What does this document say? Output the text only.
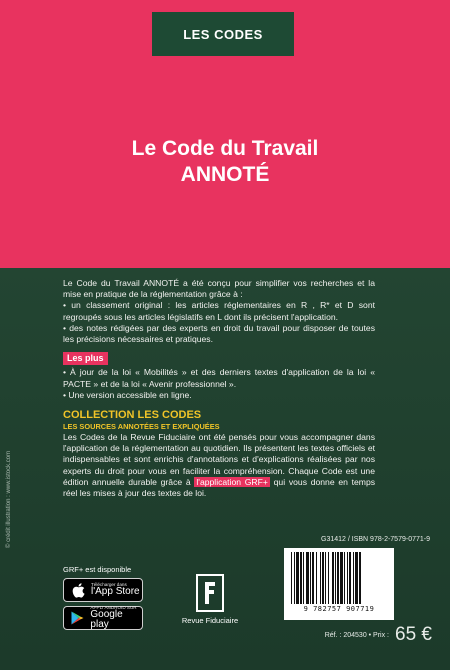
LES CODES
Le Code du Travail
ANNOTÉ
© crédit illustration : www.istock.com

Le Code du Travail ANNOTÉ a été conçu pour simplifier vos recherches et la mise en pratique de la réglementation grâce à :

• un classement original : les articles réglementaires en R , R* et D sont regroupés sous les articles législatifs en L dont ils précisent l'application.

• des notes rédigées par des experts en droit du travail pour disposer de toutes les précisions nécessaires et pratiques.

Les plus

• À jour de la loi « Mobilités » et des derniers textes d'application de la loi « PACTE » et de la loi « Avenir professionnel ».

• Une version accessible en ligne.

COLLECTION LES CODES
LES SOURCES ANNOTÉES ET EXPLIQUÉES

Les Codes de la Revue Fiduciaire ont été pensés pour vous accompagner dans l'application de la réglementation au quotidien. Ils présentent les textes officiels et indispensables et sont enrichis d'annotations et d'explications réalisées par nos experts du droit pour vous en faciliter la compréhension. Chaque Code est une édition annuelle durable grâce à l'application GRF+ qui vous donne en temps réel les mises à jour des textes de loi.

GRF+ est disponible
Télécharger dans
l'App Store
APPLI ANDROID SUR
Google play	Revue Fiduciaire
G31412 / ISBN 978-2-7579-0771-9
9 782757 907719
Réf. : 204530 • Prix : 65 €
